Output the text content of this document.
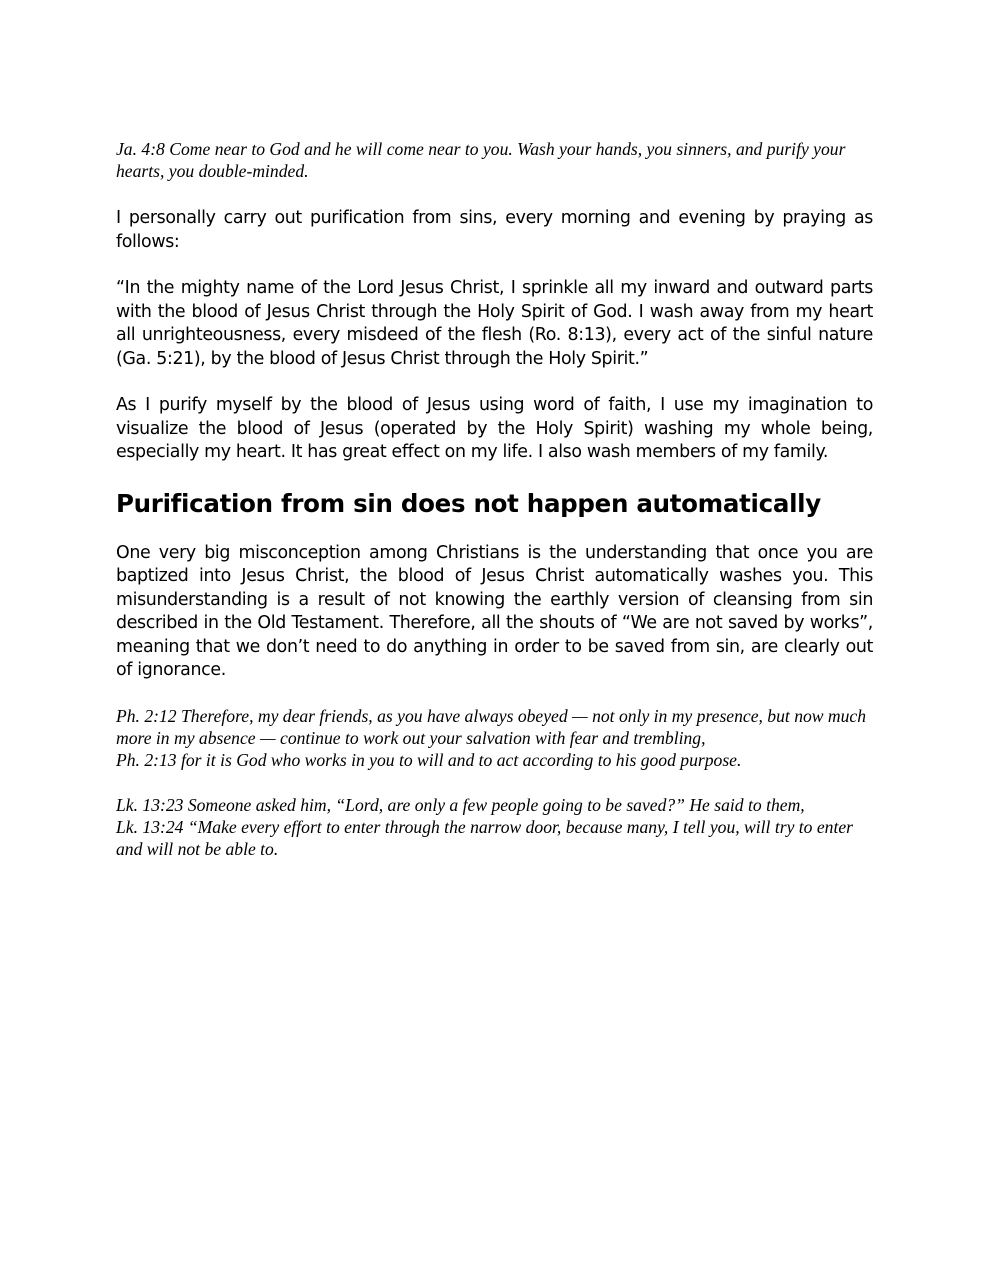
Ja. 4:8 Come near to God and he will come near to you. Wash your hands, you sinners, and purify your hearts, you double-minded.

I personally carry out purification from sins, every morning and evening by praying as follows:

“In the mighty name of the Lord Jesus Christ, I sprinkle all my inward and outward parts with the blood of Jesus Christ through the Holy Spirit of God. I wash away from my heart all unrighteousness, every misdeed of the flesh (Ro. 8:13), every act of the sinful nature (Ga. 5:21), by the blood of Jesus Christ through the Holy Spirit.”

As I purify myself by the blood of Jesus using word of faith, I use my imagination to visualize the blood of Jesus (operated by the Holy Spirit) washing my whole being, especially my heart. It has great effect on my life. I also wash members of my family.

Purification from sin does not happen automatically

One very big misconception among Christians is the understanding that once you are baptized into Jesus Christ, the blood of Jesus Christ automatically washes you. This misunderstanding is a result of not knowing the earthly version of cleansing from sin described in the Old Testament. Therefore, all the shouts of “We are not saved by works”, meaning that we don’t need to do anything in order to be saved from sin, are clearly out of ignorance.

Ph. 2:12 Therefore, my dear friends, as you have always obeyed — not only in my presence, but now much more in my absence — continue to work out your salvation with fear and trembling,
Ph. 2:13 for it is God who works in you to will and to act according to his good purpose.

Lk. 13:23 Someone asked him, “Lord, are only a few people going to be saved?” He said to them,
Lk. 13:24 “Make every effort to enter through the narrow door, because many, I tell you, will try to enter and will not be able to.
